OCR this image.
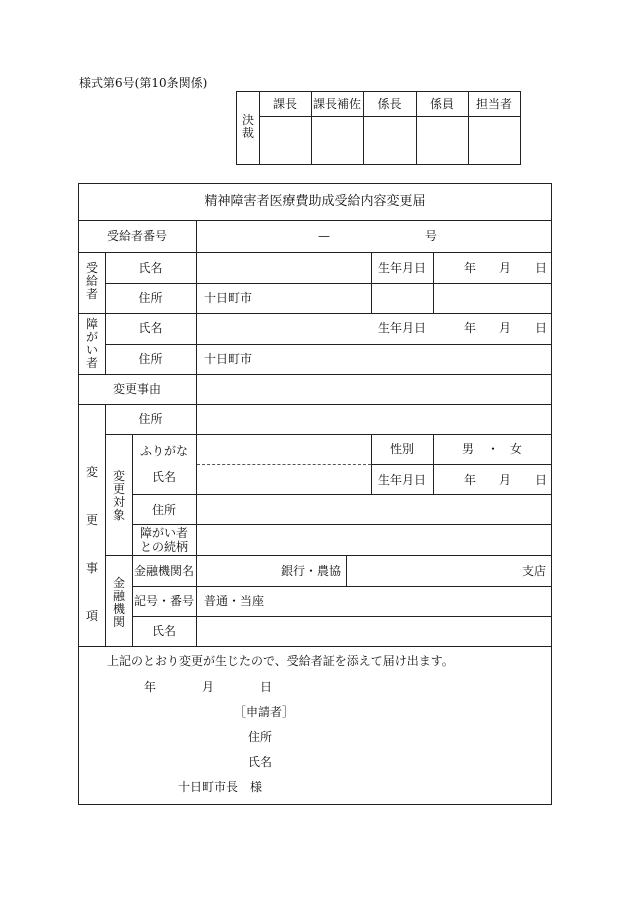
様式第6号(第10条関係)
決
裁
課長	課長補佐	係長	係員	担当者
精神障害者医療費助成受給内容変更届
受給者番号	—	号
受
給
者
氏名	生年月日	年 月 日
住所	十日町市
障
が
い
者
氏名	生年月日	年 月 日
住所	十日町市
変更事由
変
更
事
項
住所
変
更
対
象
ふりがな	性別	男 ・ 女
氏名	生年月日	年 月 日
住所
障がい者
との続柄
金
融
機
関
金融機関名	銀行・農協	支店
記号・番号 普通・当座
氏名
上記のとおり変更が生じたので、受給者証を添えて届け出ます。
年	月	日
［申請者］
住所
氏名
十日町市長　様
